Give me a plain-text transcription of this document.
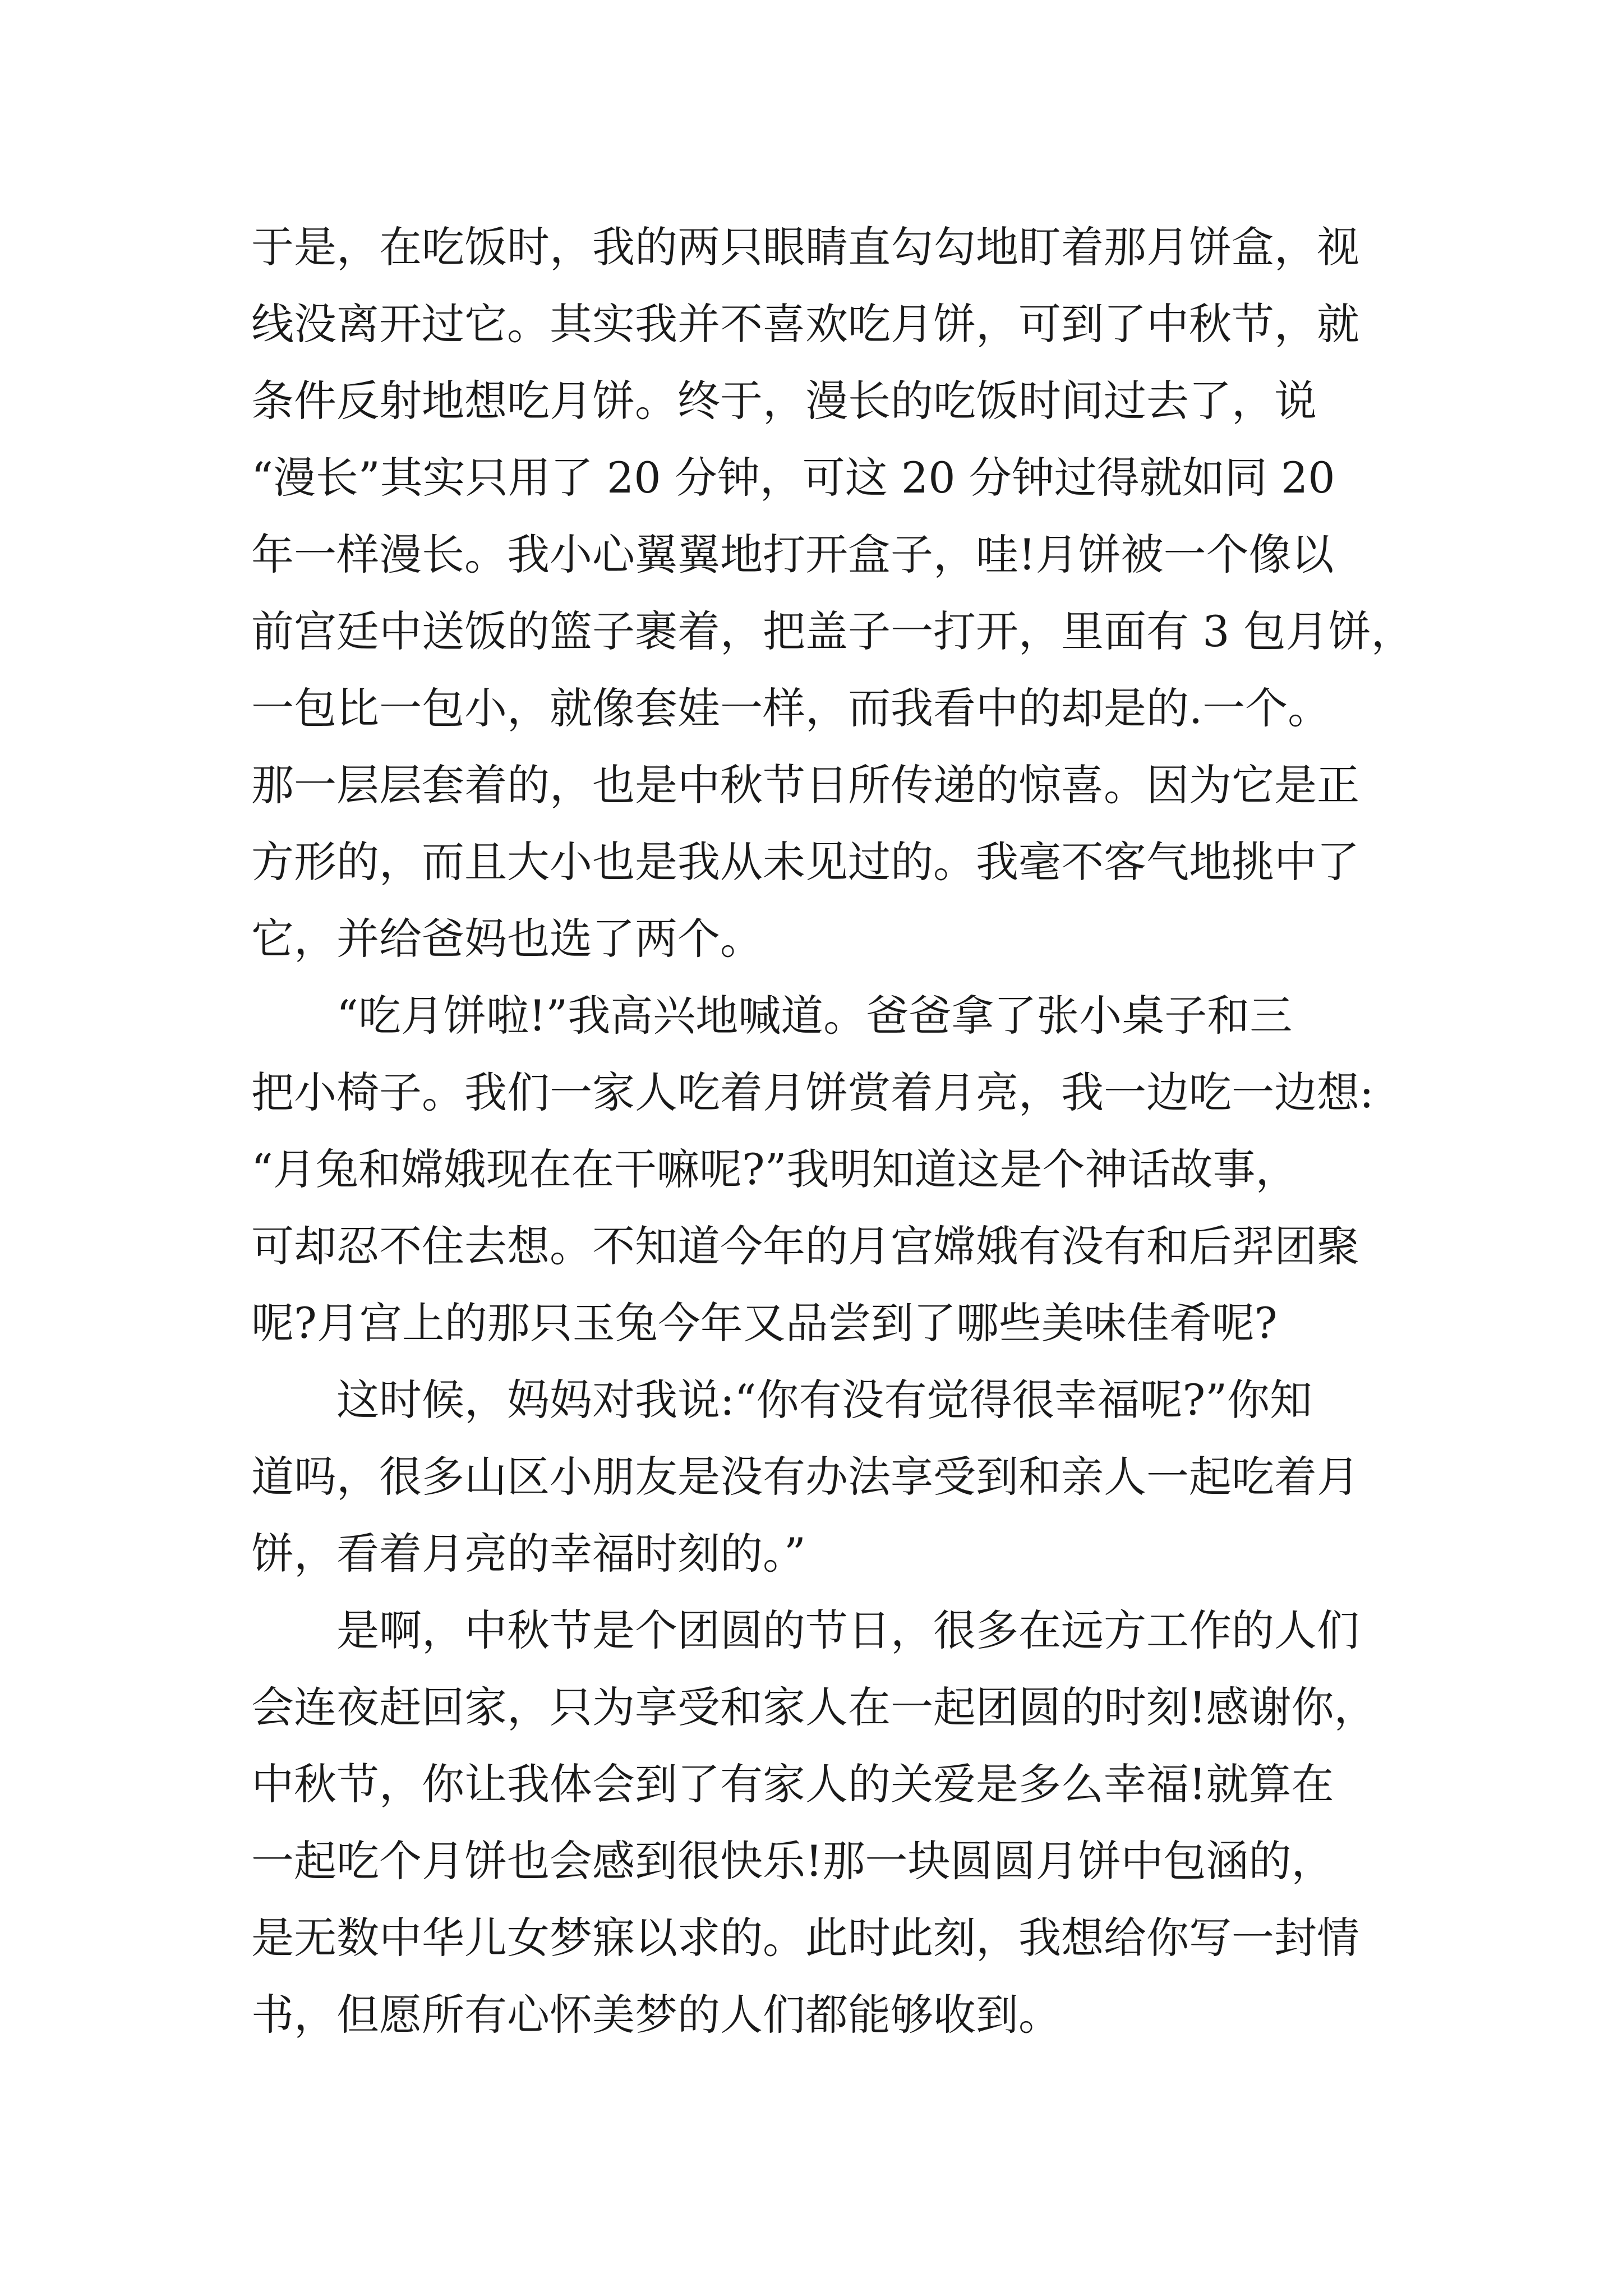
于是，在吃饭时，我的两只眼睛直勾勾地盯着那月饼盒，视
线没离开过它。其实我并不喜欢吃月饼，可到了中秋节，就
条件反射地想吃月饼。终于，漫长的吃饭时间过去了，说
“漫长”其实只用了 20 分钟，可这 20 分钟过得就如同 20
年一样漫长。我小心翼翼地打开盒子，哇!月饼被一个像以
前宫廷中送饭的篮子裹着，把盖子一打开，里面有 3 包月饼，
一包比一包小，就像套娃一样，而我看中的却是的.一个。
那一层层套着的，也是中秋节日所传递的惊喜。因为它是正
方形的，而且大小也是我从未见过的。我毫不客气地挑中了
它，并给爸妈也选了两个。
“吃月饼啦!”我高兴地喊道。爸爸拿了张小桌子和三
把小椅子。我们一家人吃着月饼赏着月亮，我一边吃一边想:
“月兔和嫦娥现在在干嘛呢?”我明知道这是个神话故事，
可却忍不住去想。不知道今年的月宫嫦娥有没有和后羿团聚
呢?月宫上的那只玉兔今年又品尝到了哪些美味佳肴呢?
这时候，妈妈对我说:“你有没有觉得很幸福呢?”你知
道吗，很多山区小朋友是没有办法享受到和亲人一起吃着月
饼，看着月亮的幸福时刻的。”
是啊，中秋节是个团圆的节日，很多在远方工作的人们
会连夜赶回家，只为享受和家人在一起团圆的时刻!感谢你，
中秋节，你让我体会到了有家人的关爱是多么幸福!就算在
一起吃个月饼也会感到很快乐!那一块圆圆月饼中包涵的，
是无数中华儿女梦寐以求的。此时此刻，我想给你写一封情
书，但愿所有心怀美梦的人们都能够收到。
